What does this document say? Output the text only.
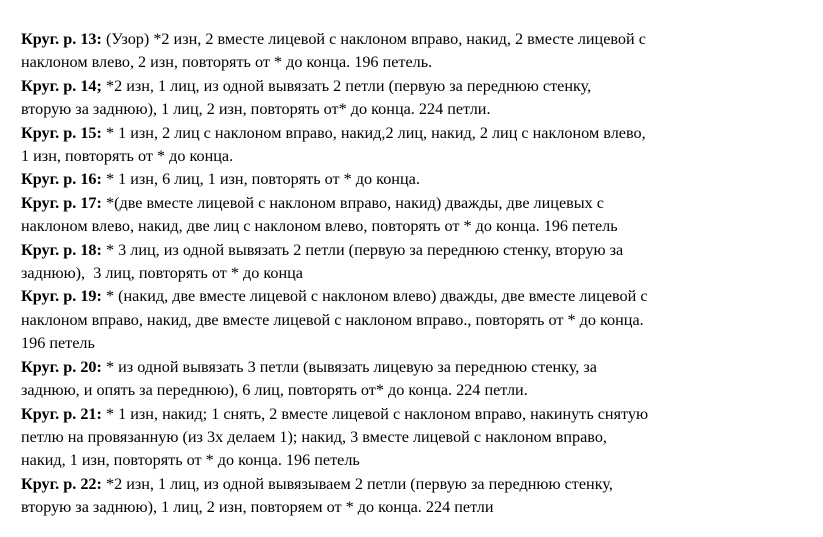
Круг. р. 13: (Узор) *2 изн, 2 вместе лицевой с наклоном вправо, накид, 2 вместе лицевой с
наклоном влево, 2 изн, повторять от * до конца. 196 петель.
Круг. р. 14; *2 изн, 1 лиц, из одной вывязать 2 петли (первую за переднюю стенку,
вторую за заднюю), 1 лиц, 2 изн, повторять от* до конца. 224 петли.
Круг. р. 15: * 1 изн, 2 лиц с наклоном вправо, накид,2 лиц, накид, 2 лиц с наклоном влево,
1 изн, повторять от * до конца.
Круг. р. 16: * 1 изн, 6 лиц, 1 изн, повторять от * до конца.
Круг. р. 17: *(две вместе лицевой с наклоном вправо, накид) дважды, две лицевых с
наклоном влево, накид, две лиц с наклоном влево, повторять от * до конца. 196 петель
Круг. р. 18: * 3 лиц, из одной вывязать 2 петли (первую за переднюю стенку, вторую за
заднюю),  3 лиц, повторять от * до конца
Круг. р. 19: * (накид, две вместе лицевой с наклоном влево) дважды, две вместе лицевой с
наклоном вправо, накид, две вместе лицевой с наклоном вправо., повторять от * до конца.
196 петель
Круг. р. 20: * из одной вывязать 3 петли (вывязать лицевую за переднюю стенку, за
заднюю, и опять за переднюю), 6 лиц, повторять от* до конца. 224 петли.
Круг. р. 21: * 1 изн, накид; 1 снять, 2 вместе лицевой с наклоном вправо, накинуть снятую
петлю на провязанную (из 3х делаем 1); накид, 3 вместе лицевой с наклоном вправо,
накид, 1 изн, повторять от * до конца. 196 петель
Круг. р. 22: *2 изн, 1 лиц, из одной вывязываем 2 петли (первую за переднюю стенку,
вторую за заднюю), 1 лиц, 2 изн, повторяем от * до конца. 224 петли
